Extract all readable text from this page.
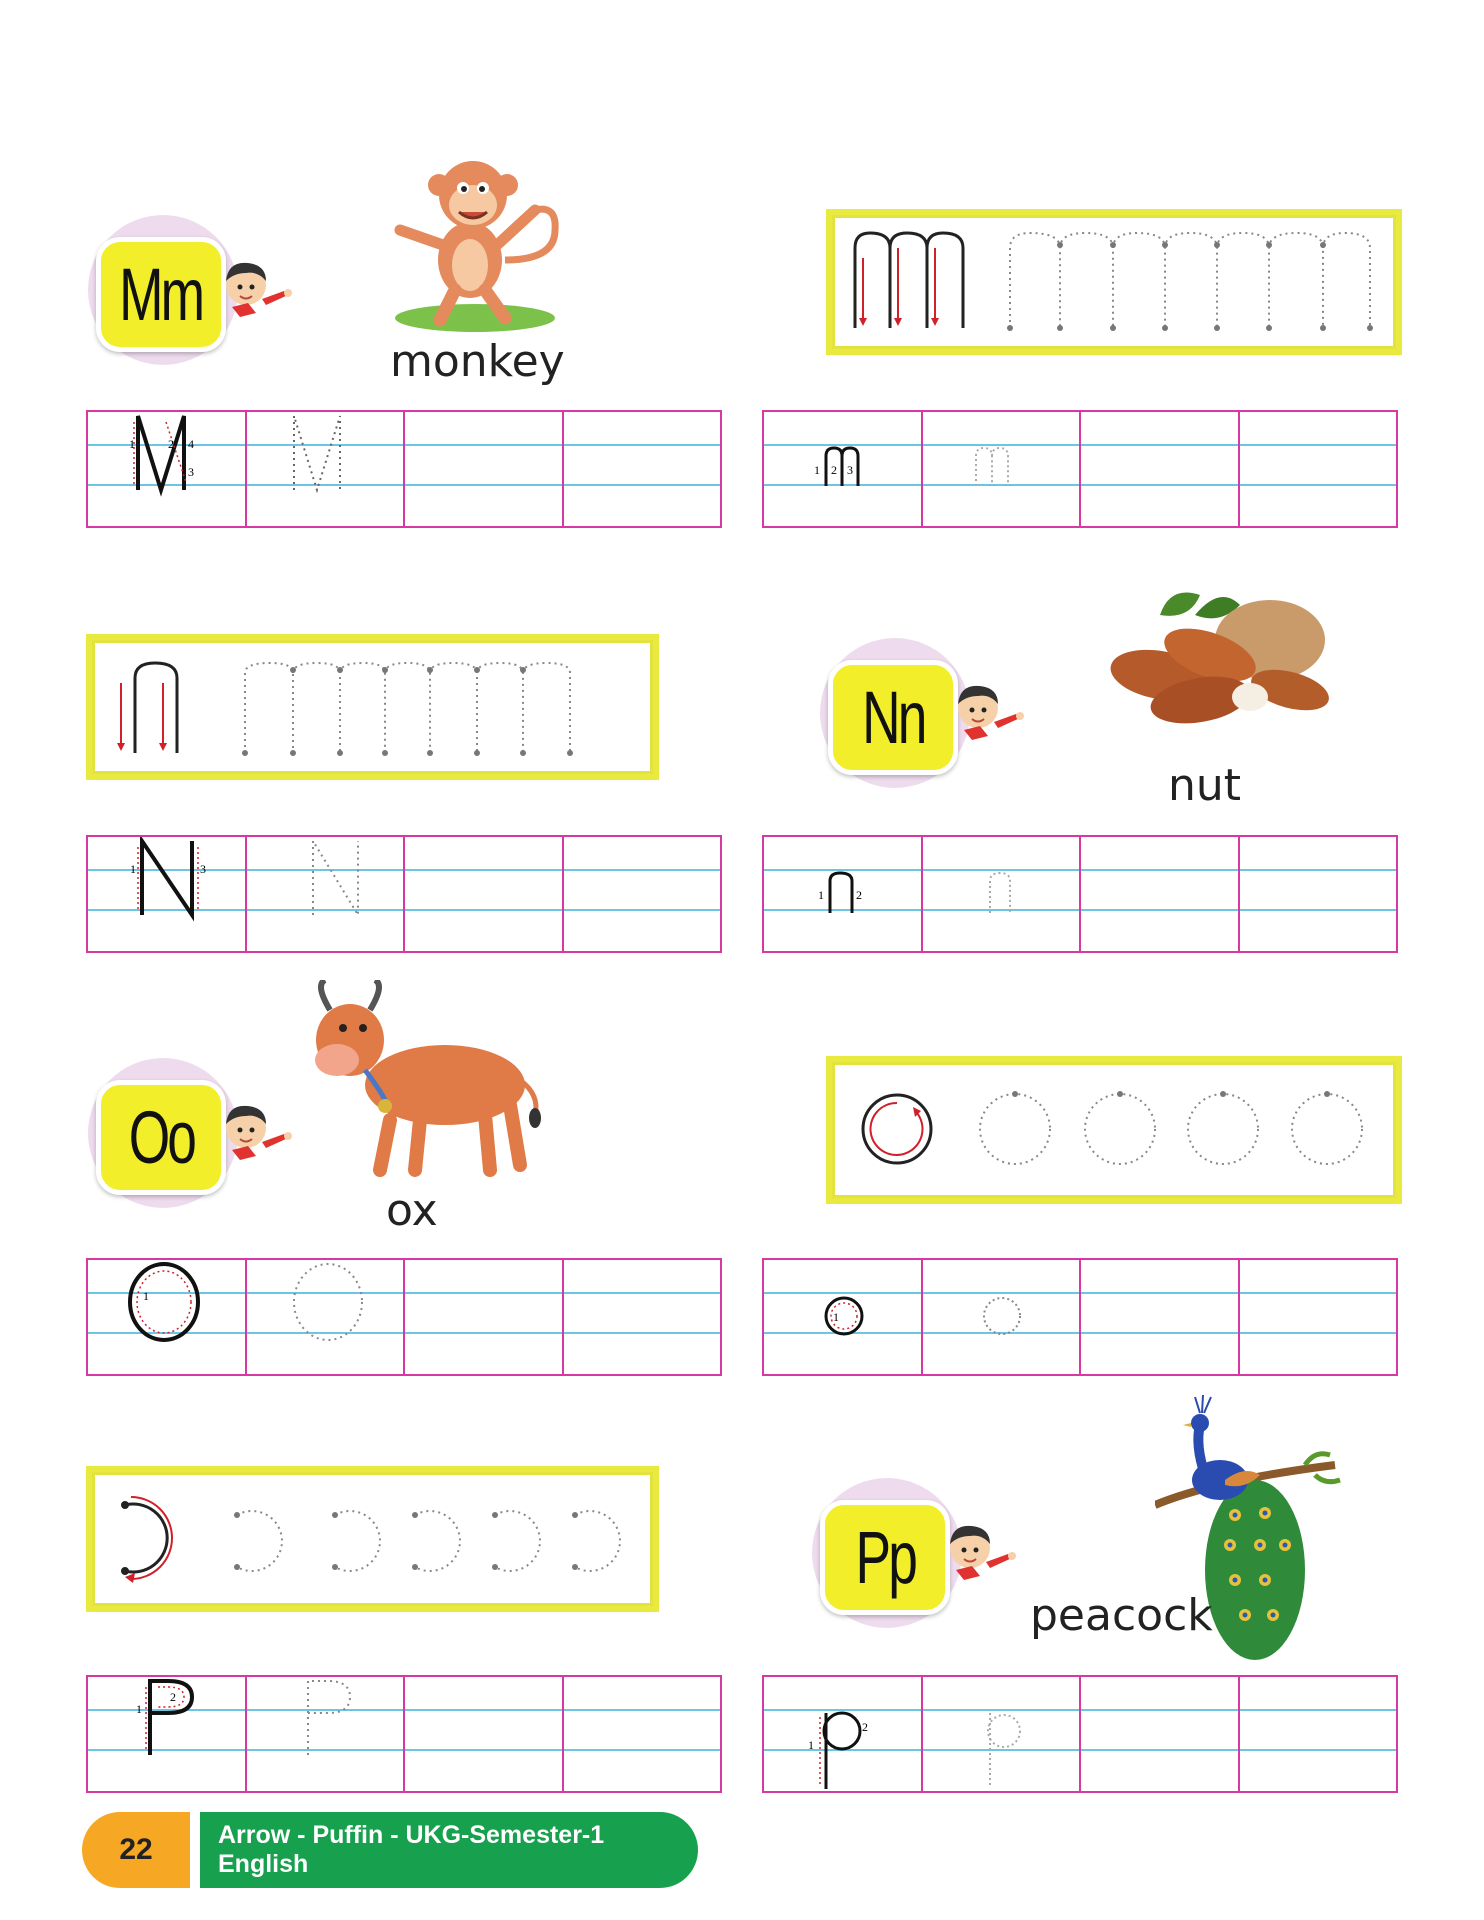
Mm
monkey
1	2
3
4
1 2 3
Nn
nut
1	3
1	2
Oo
ox
1
1
Pp
peacock
1
2
1
2
22	Arrow - Puffin - UKG-Semester-1 English
